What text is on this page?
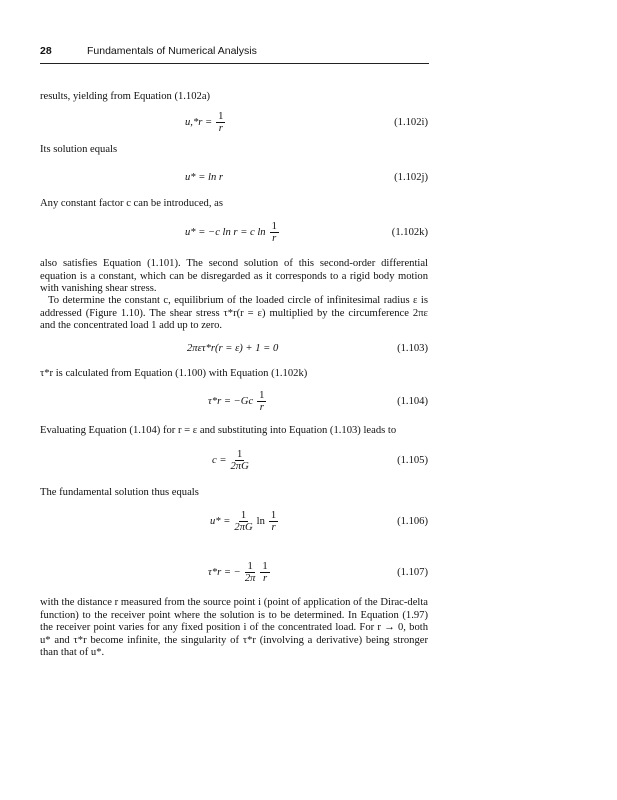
28	Fundamentals of Numerical Analysis
results, yielding from Equation (1.102a)
$u,*r = \frac{1}{r}$	(1.102i)
Its solution equals
u* = ln r	(1.102j)
Any constant factor c can be introduced, as
u* = −c ln r = c $\ln \frac{1}{r}$	(1.102k)
also satisfies Equation (1.101). The second solution of this second-order differential equation is a constant, which can be disregarded as it corresponds to a rigid body motion with vanishing shear stress.
To determine the constant c, equilibrium of the loaded circle of infinitesimal radius ε is addressed (Figure 1.10). The shear stress τ*r(r = ε) multiplied by the circumference 2πε and the concentrated load 1 add up to zero.
2πετ*r(r = ε) + 1 = 0	(1.103)
τ*r is calculated from Equation (1.100) with Equation (1.102k)
$\tau*r = -Gc \frac{1}{r}$	(1.104)
Evaluating Equation (1.104) for r = ε and substituting into Equation (1.103) leads to
$c = \frac{1}{2\pi G}$	(1.105)
The fundamental solution thus equals
$u* = \frac{1}{2\pi G}$ $\ln \frac{1}{r}$	(1.106)
τ*r = − $\frac{1}{2\pi} \frac{1}{r}$	(1.107)
with the distance r measured from the source point i (point of application of the Dirac-delta function) to the receiver point where the solution is to be determined. In Equation (1.97) the receiver point varies for any fixed position i of the concentrated load. For r → 0, both u* and τ*r become infinite, the singularity of τ*r (involving a derivative) being stronger than that of u*.
